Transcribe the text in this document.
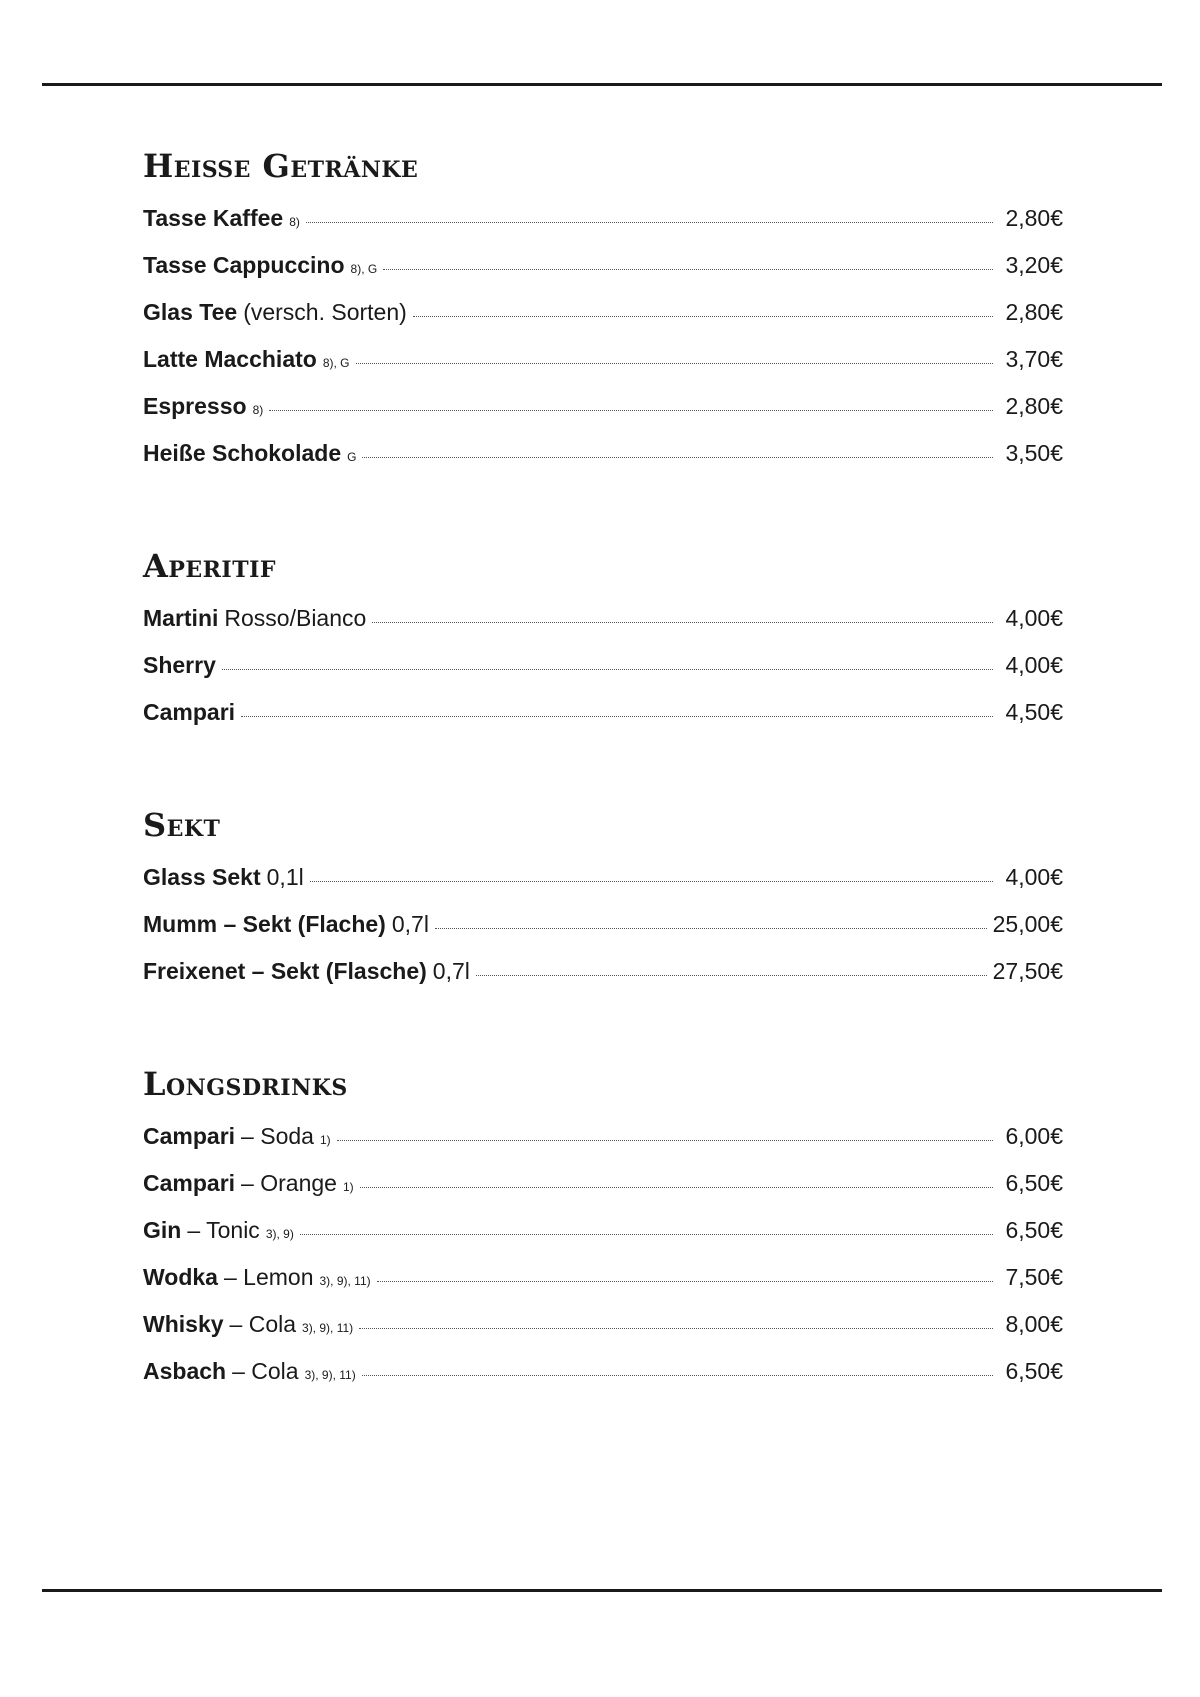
Heiße Getränke
Tasse Kaffee 8)	2,80€
Tasse Cappuccino 8), G	3,20€
Glas Tee (versch. Sorten)	2,80€
Latte Macchiato 8), G	3,70€
Espresso 8)	2,80€
Heiße Schokolade G	3,50€
Aperitif
Martini Rosso/Bianco	4,00€
Sherry	4,00€
Campari	4,50€
Sekt
Glass Sekt 0,1l	4,00€
Mumm – Sekt (Flache) 0,7l	25,00€
Freixenet – Sekt (Flasche) 0,7l	27,50€
Longsdrinks
Campari – Soda 1)	6,00€
Campari – Orange 1)	6,50€
Gin – Tonic 3), 9)	6,50€
Wodka – Lemon 3), 9), 11)	7,50€
Whisky – Cola 3), 9), 11)	8,00€
Asbach – Cola 3), 9), 11)	6,50€
